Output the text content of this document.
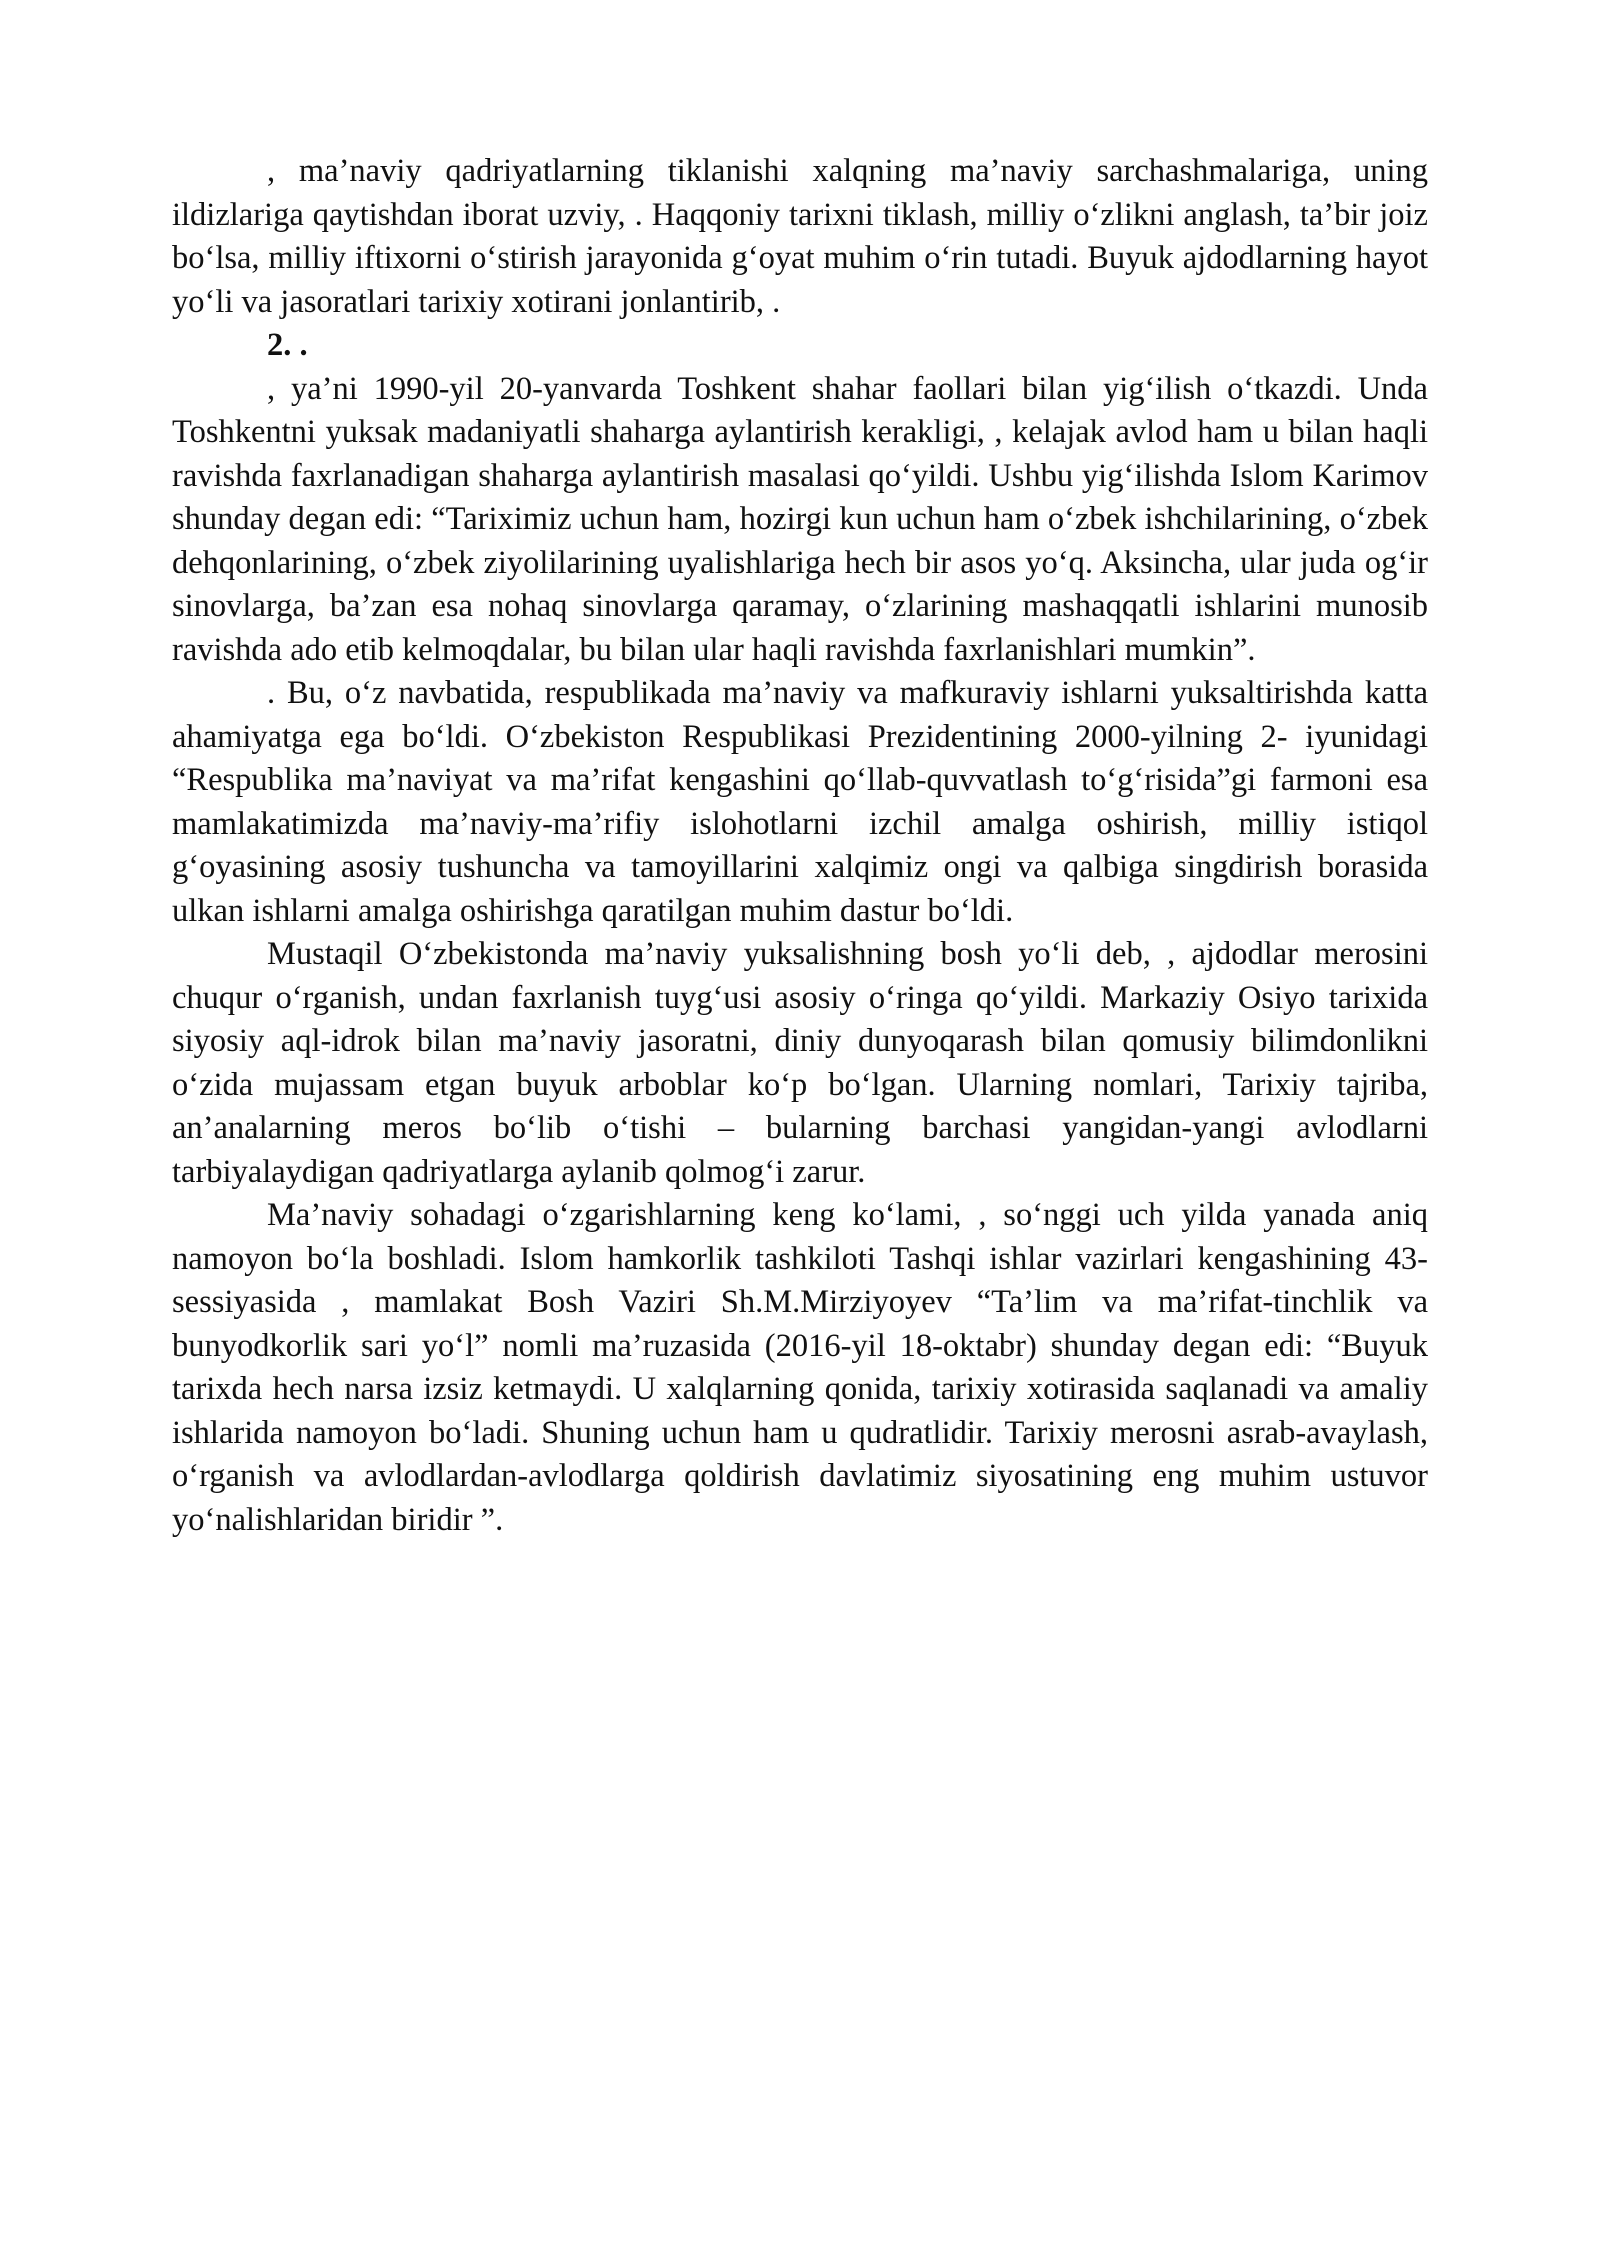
, ma’naviy qadriyatlarning tiklanishi xalqning ma’naviy sarchashmalariga, uning ildizlariga qaytishdan iborat uzviy, . Haqqoniy tarixni tiklash, milliy o‘zlikni anglash, ta’bir joiz bo‘lsa, milliy iftixorni o‘stirish jarayonida g‘oyat muhim o‘rin tutadi. Buyuk ajdodlarning hayot yo‘li va jasoratlari tarixiy xotirani jonlantirib, .

2. .

, ya’ni 1990-yil 20-yanvarda Toshkent shahar faollari bilan yig‘ilish o‘tkazdi. Unda Toshkentni yuksak madaniyatli shaharga aylantirish kerakligi, , kelajak avlod ham u bilan haqli ravishda faxrlanadigan shaharga aylantirish masalasi qo‘yildi. Ushbu yig‘ilishda Islom Karimov shunday degan edi: “Tariximiz uchun ham, hozirgi kun uchun ham o‘zbek ishchilarining, o‘zbek dehqonlarining, o‘zbek ziyolilarining uyalishlariga hech bir asos yo‘q. Aksincha, ular juda og‘ir sinovlarga, ba’zan esa nohaq sinovlarga qaramay, o‘zlarining mashaqqatli ishlarini munosib ravishda ado etib kelmoqdalar, bu bilan ular haqli ravishda faxrlanishlari mumkin”.

. Bu, o‘z navbatida, respublikada ma’naviy va mafkuraviy ishlarni yuksaltirishda katta ahamiyatga ega bo‘ldi. O‘zbekiston Respublikasi Prezidentining 2000-yilning 2- iyunidagi “Respublika ma’naviyat va ma’rifat kengashini qo‘llab-quvvatlash to‘g‘risida”gi farmoni esa mamlakatimizda ma’naviy-ma’rifiy islohotlarni izchil amalga oshirish, milliy istiqol g‘oyasining asosiy tushuncha va tamoyillarini xalqimiz ongi va qalbiga singdirish borasida ulkan ishlarni amalga oshirishga qaratilgan muhim dastur bo‘ldi.

Mustaqil O‘zbekistonda ma’naviy yuksalishning bosh yo‘li deb, , ajdodlar merosini chuqur o‘rganish, undan faxrlanish tuyg‘usi asosiy o‘ringa qo‘yildi. Markaziy Osiyo tarixida siyosiy aql-idrok bilan ma’naviy jasoratni, diniy dunyoqarash bilan qomusiy bilimdonlikni o‘zida mujassam etgan buyuk arboblar ko‘p bo‘lgan. Ularning nomlari, Tarixiy tajriba, an’analarning meros bo‘lib o‘tishi – bularning barchasi yangidan-yangi avlodlarni tarbiyalaydigan qadriyatlarga aylanib qolmog‘i zarur.

Ma’naviy sohadagi o‘zgarishlarning keng ko‘lami, , so‘nggi uch yilda yanada aniq namoyon bo‘la boshladi. Islom hamkorlik tashkiloti Tashqi ishlar vazirlari kengashining 43-sessiyasida , mamlakat Bosh Vaziri Sh.M.Mirziyoyev “Ta’lim va ma’rifat-tinchlik va bunyodkorlik sari yo‘l” nomli ma’ruzasida (2016-yil 18-oktabr) shunday degan edi: “Buyuk tarixda hech narsa izsiz ketmaydi. U xalqlarning qonida, tarixiy xotirasida saqlanadi va amaliy ishlarida namoyon bo‘ladi. Shuning uchun ham u qudratlidir. Tarixiy merosni asrab-avaylash, o‘rganish va avlodlardan-avlodlarga qoldirish davlatimiz siyosatining eng muhim ustuvor yo‘nalishlaridan biridir ”.
